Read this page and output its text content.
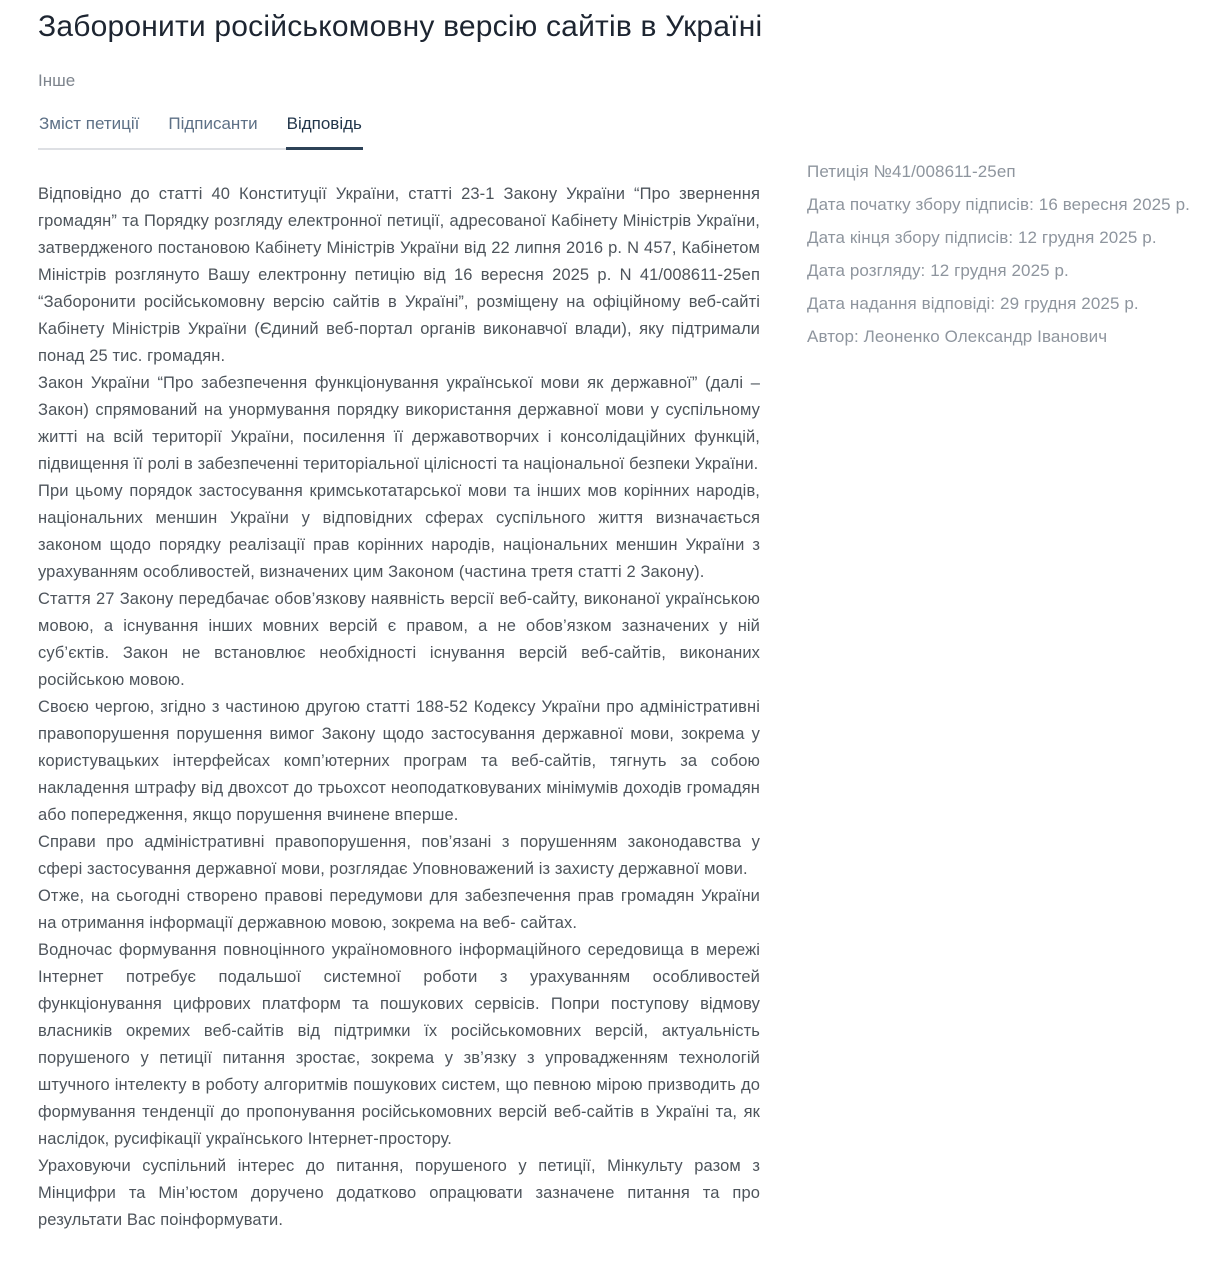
Заборонити російськомовну версію сайтів в Україні
Інше
Зміст петиції Підписанти Відповідь

Відповідно до статті 40 Конституції України, статті 23-1 Закону України “Про звернення громадян” та Порядку розгляду електронної петиції, адресованої Кабінету Міністрів України, затвердженого постановою Кабінету Міністрів України від 22 липня 2016 р. N 457, Кабінетом Міністрів розглянуто Вашу електронну петицію від 16 вересня 2025 р. N 41/008611-25еп “Заборонити російськомовну версію сайтів в Україні”, розміщену на офіційному веб-сайті Кабінету Міністрів України (Єдиний веб-портал органів виконавчої влади), яку підтримали понад 25 тис. громадян.

Закон України “Про забезпечення функціонування української мови як державної” (далі – Закон) спрямований на унормування порядку використання державної мови у суспільному житті на всій території України, посилення її державотворчих і консолідаційних функцій, підвищення її ролі в забезпеченні територіальної цілісності та національної безпеки України.

При цьому порядок застосування кримськотатарської мови та інших мов корінних народів, національних меншин України у відповідних сферах суспільного життя визначається законом щодо порядку реалізації прав корінних народів, національних меншин України з урахуванням особливостей, визначених цим Законом (частина третя статті 2 Закону).

Стаття 27 Закону передбачає обов’язкову наявність версії веб-сайту, виконаної українською мовою, а існування інших мовних версій є правом, а не обов’язком зазначених у ній суб’єктів. Закон не встановлює необхідності існування версій веб-сайтів, виконаних російською мовою.

Своєю чергою, згідно з частиною другою статті 188-52 Кодексу України про адміністративні правопорушення порушення вимог Закону щодо застосування державної мови, зокрема у користувацьких інтерфейсах комп’ютерних програм та веб-сайтів, тягнуть за собою накладення штрафу від двохсот до трьохсот неоподатковуваних мінімумів доходів громадян або попередження, якщо порушення вчинене вперше.

Справи про адміністративні правопорушення, пов’язані з порушенням законодавства у сфері застосування державної мови, розглядає Уповноважений із захисту державної мови.

Отже, на сьогодні створено правові передумови для забезпечення прав громадян України на отримання інформації державною мовою, зокрема на веб- сайтах.

Водночас формування повноцінного україномовного інформаційного середовища в мережі Інтернет потребує подальшої системної роботи з урахуванням особливостей функціонування цифрових платформ та пошукових сервісів. Попри поступову відмову власників окремих веб-сайтів від підтримки їх російськомовних версій, актуальність порушеного у петиції питання зростає, зокрема у зв’язку з упровадженням технологій штучного інтелекту в роботу алгоритмів пошукових систем, що певною мірою призводить до формування тенденції до пропонування російськомовних версій веб-сайтів в Україні та, як наслідок, русифікації українського Інтернет-простору.

Ураховуючи суспільний інтерес до питання, порушеного у петиції, Мінкульту разом з Мінцифри та Мін’юстом доручено додатково опрацювати зазначене питання та про результати Вас поінформувати.

Петиція №41/008611-25еп
Дата початку збору підписів: 16 вересня 2025 р.
Дата кінця збору підписів: 12 грудня 2025 р.
Дата розгляду: 12 грудня 2025 р.
Дата надання відповіді: 29 грудня 2025 р.
Автор: Леоненко Олександр Іванович
